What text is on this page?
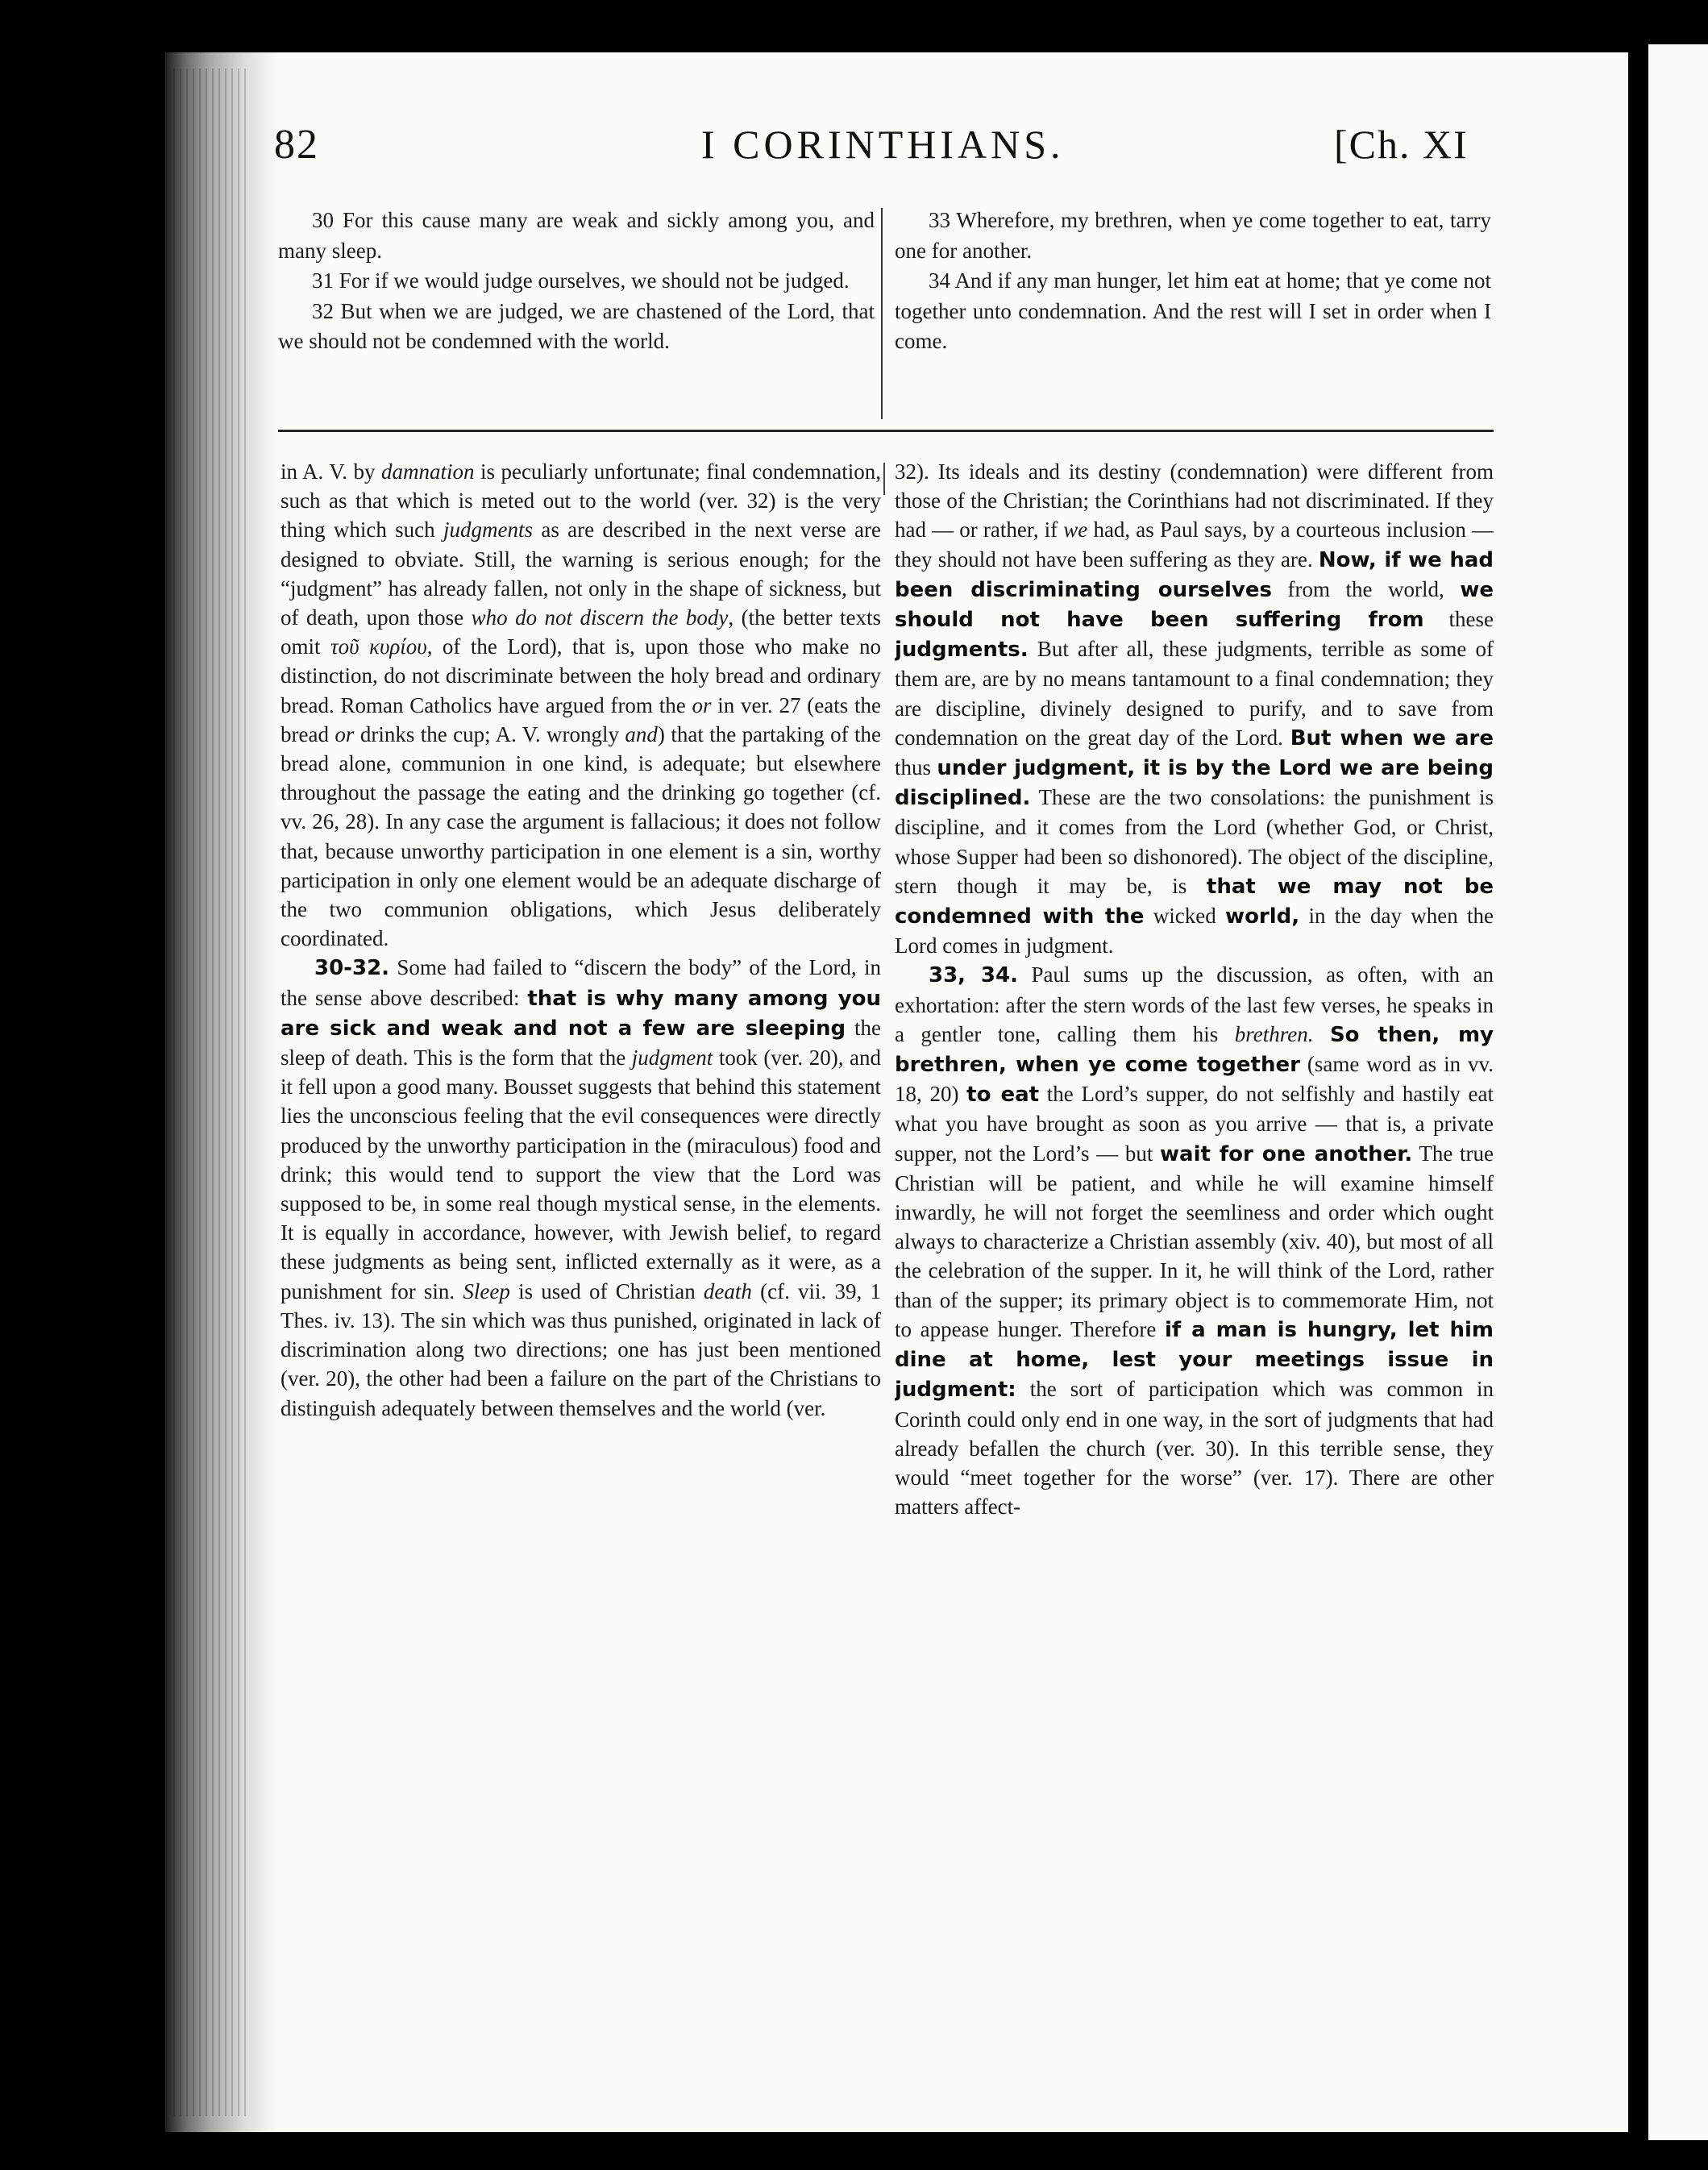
82	I CORINTHIANS.	[Ch. XI

30 For this cause many are weak and sickly among you, and many sleep.

31 For if we would judge ourselves, we should not be judged.

32 But when we are judged, we are chastened of the Lord, that we should not be condemned with the world.

33 Wherefore, my brethren, when ye come together to eat, tarry one for another.

34 And if any man hunger, let him eat at home; that ye come not together unto condemnation. And the rest will I set in order when I come.

in A. V. by damnation is peculiarly unfortunate; final condemnation, such as that which is meted out to the world (ver. 32) is the very thing which such judgments as are described in the next verse are designed to obviate. Still, the warning is serious enough; for the “judgment” has already fallen, not only in the shape of sickness, but of death, upon those who do not discern the body, (the better texts omit τοῦ κυρίου, of the Lord), that is, upon those who make no distinction, do not discriminate between the holy bread and ordinary bread. Roman Catholics have argued from the or in ver. 27 (eats the bread or drinks the cup; A. V. wrongly and) that the partaking of the bread alone, communion in one kind, is adequate; but elsewhere throughout the passage the eating and the drinking go together (cf. vv. 26, 28). In any case the argument is fallacious; it does not follow that, because unworthy participation in one element is a sin, worthy participation in only one element would be an adequate discharge of the two communion obligations, which Jesus deliberately coordinated.

30-32. Some had failed to “discern the body” of the Lord, in the sense above described: that is why many among you are sick and weak and not a few are sleeping the sleep of death. This is the form that the judgment took (ver. 20), and it fell upon a good many. Bousset suggests that behind this statement lies the unconscious feeling that the evil consequences were directly produced by the unworthy participation in the (miraculous) food and drink; this would tend to support the view that the Lord was supposed to be, in some real though mystical sense, in the elements. It is equally in accordance, however, with Jewish belief, to regard these judgments as being sent, inflicted externally as it were, as a punishment for sin. Sleep is used of Christian death (cf. vii. 39, 1 Thes. iv. 13). The sin which was thus punished, originated in lack of discrimination along two directions; one has just been mentioned (ver. 20), the other had been a failure on the part of the Christians to distinguish adequately between themselves and the world (ver.

32). Its ideals and its destiny (condemnation) were different from those of the Christian; the Corinthians had not discriminated. If they had — or rather, if we had, as Paul says, by a courteous inclusion — they should not have been suffering as they are. Now, if we had been discriminating ourselves from the world, we should not have been suffering from these judgments. But after all, these judgments, terrible as some of them are, are by no means tantamount to a final condemnation; they are discipline, divinely designed to purify, and to save from condemnation on the great day of the Lord. But when we are thus under judgment, it is by the Lord we are being disciplined. These are the two consolations: the punishment is discipline, and it comes from the Lord (whether God, or Christ, whose Supper had been so dishonored). The object of the discipline, stern though it may be, is that we may not be condemned with the wicked world, in the day when the Lord comes in judgment.

33, 34. Paul sums up the discussion, as often, with an exhortation: after the stern words of the last few verses, he speaks in a gentler tone, calling them his brethren. So then, my brethren, when ye come together (same word as in vv. 18, 20) to eat the Lord’s supper, do not selfishly and hastily eat what you have brought as soon as you arrive — that is, a private supper, not the Lord’s — but wait for one another. The true Christian will be patient, and while he will examine himself inwardly, he will not forget the seemliness and order which ought always to characterize a Christian assembly (xiv. 40), but most of all the celebration of the supper. In it, he will think of the Lord, rather than of the supper; its primary object is to commemorate Him, not to appease hunger. Therefore if a man is hungry, let him dine at home, lest your meetings issue in judgment: the sort of participation which was common in Corinth could only end in one way, in the sort of judgments that had already befallen the church (ver. 30). In this terrible sense, they would “meet together for the worse” (ver. 17). There are other matters affect-
